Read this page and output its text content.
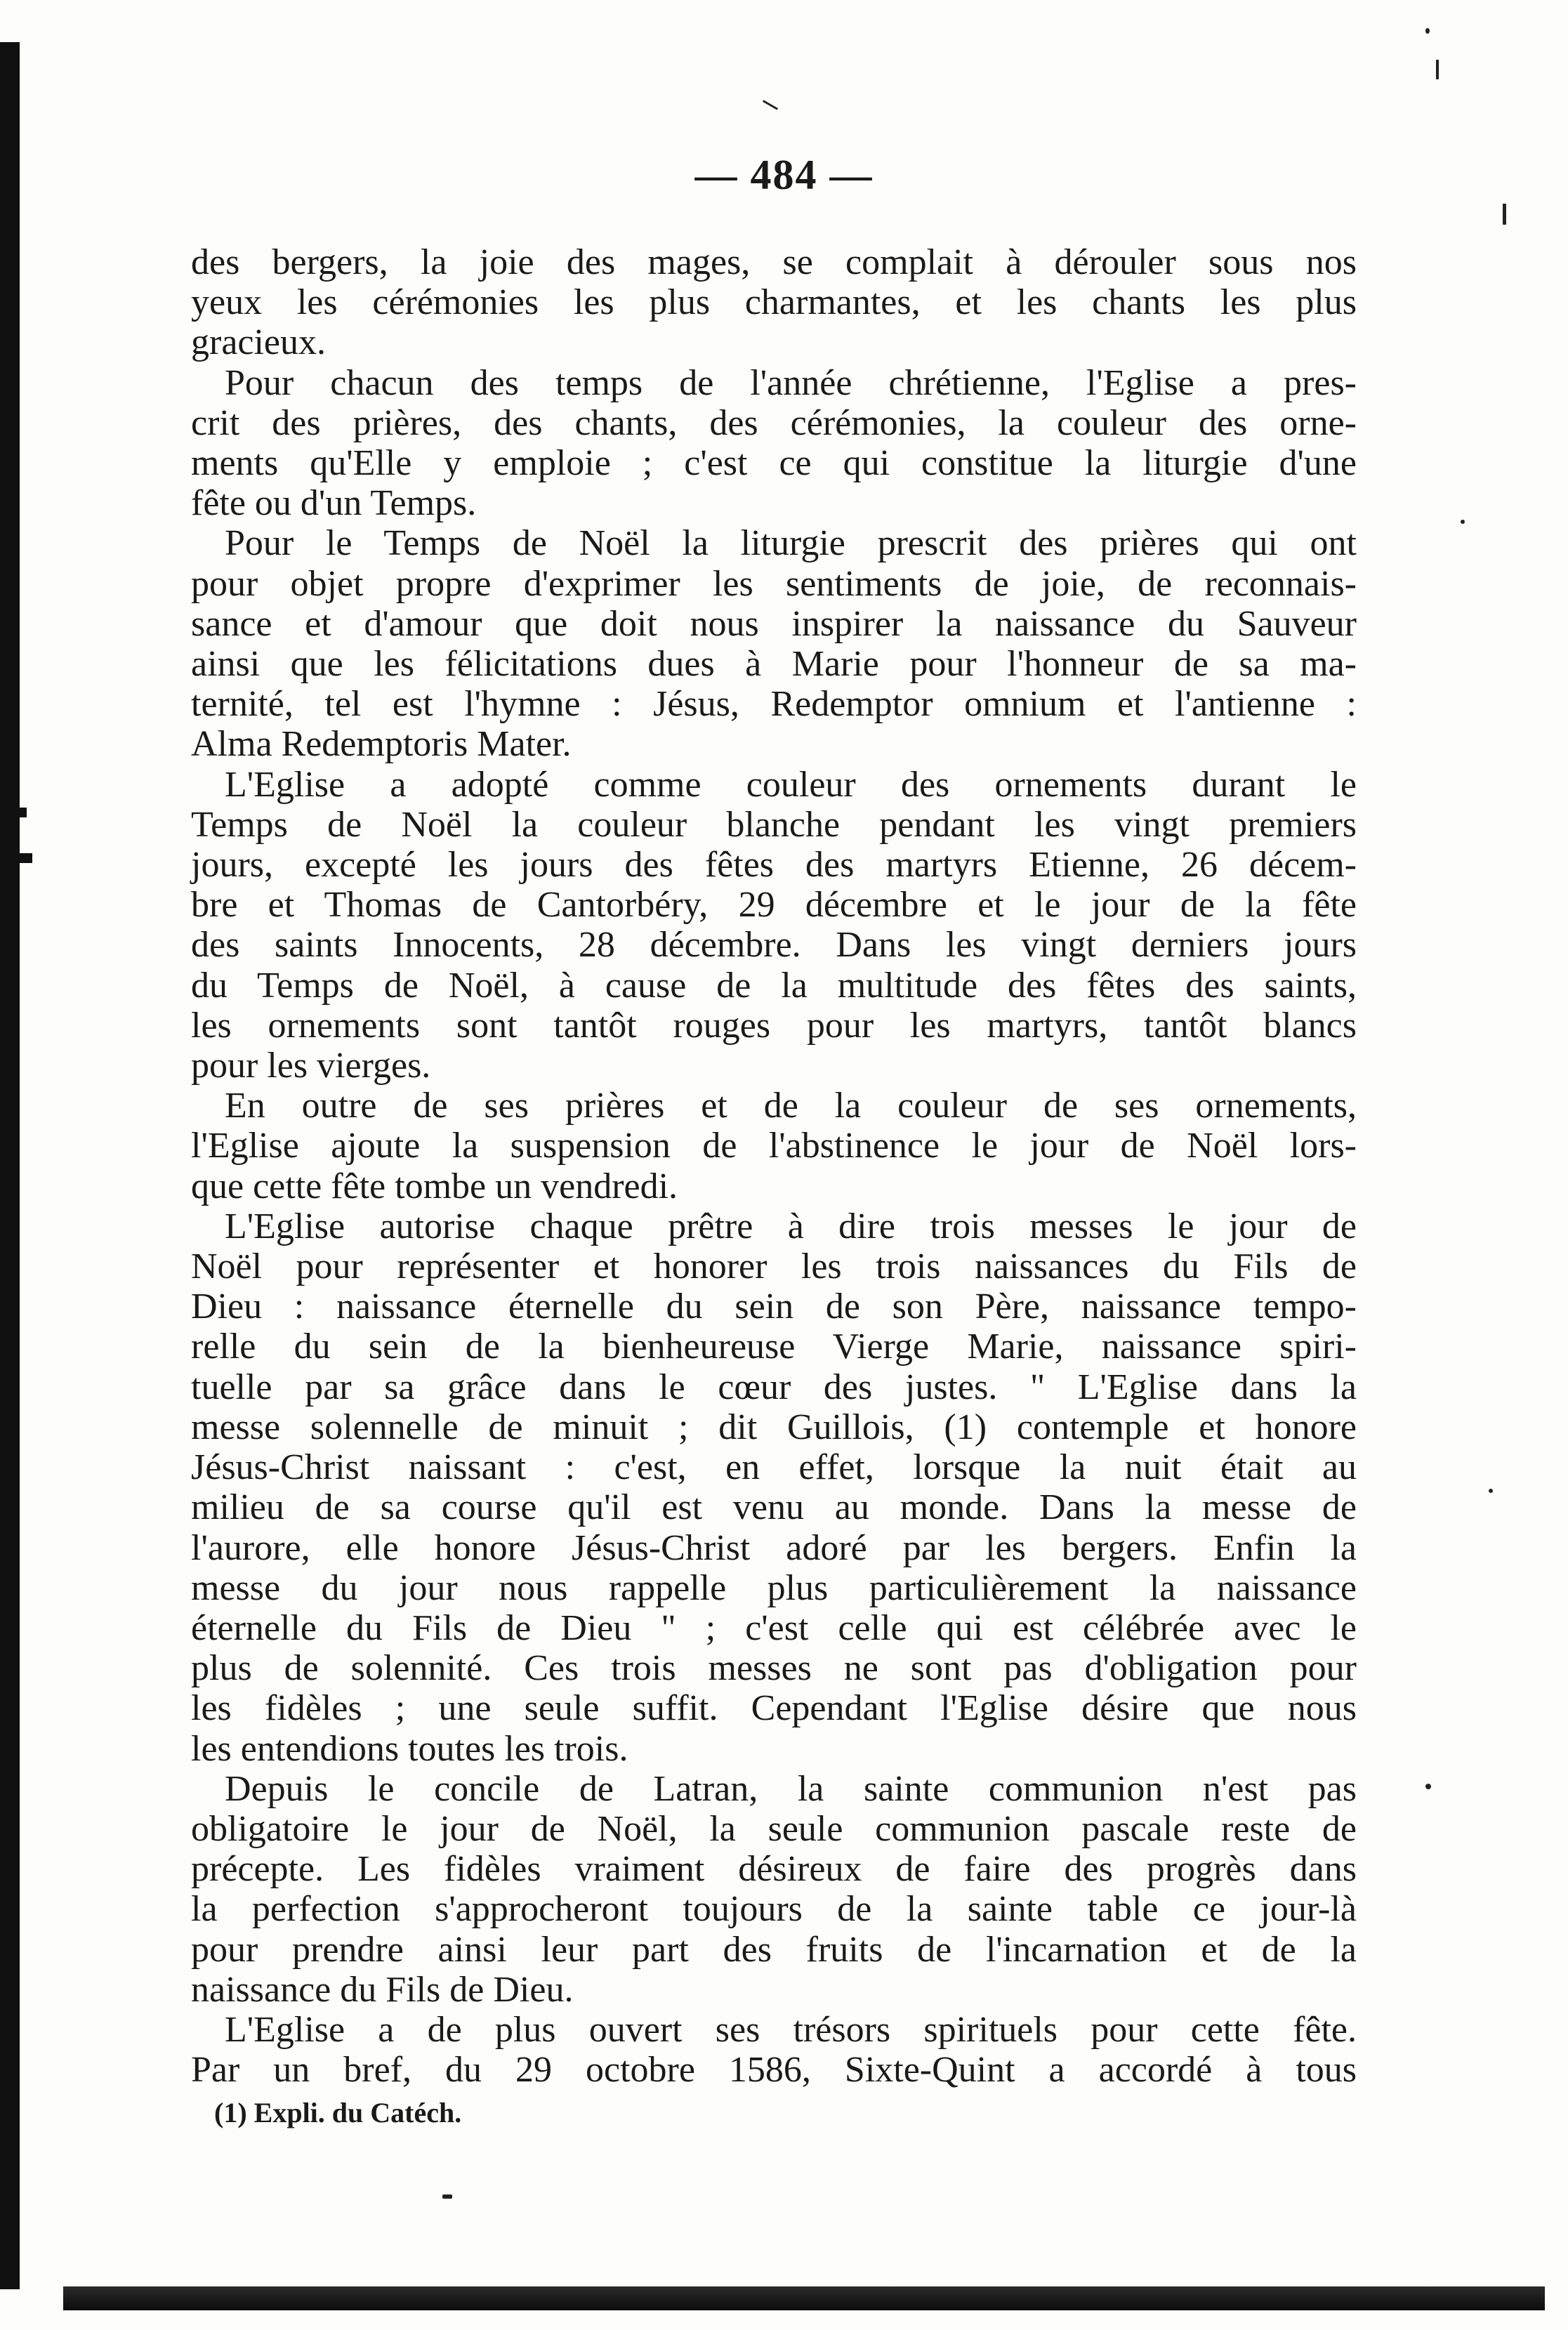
— 484 —
des bergers, la joie des mages, se complait à dérouler sous nos
yeux les cérémonies les plus charmantes, et les chants les plus
gracieux.
Pour chacun des temps de l'année chrétienne, l'Eglise a pres-
crit des prières, des chants, des cérémonies, la couleur des orne-
ments qu'Elle y emploie ; c'est ce qui constitue la liturgie d'une
fête ou d'un Temps.
Pour le Temps de Noël la liturgie prescrit des prières qui ont
pour objet propre d'exprimer les sentiments de joie, de reconnais-
sance et d'amour que doit nous inspirer la naissance du Sauveur
ainsi que les félicitations dues à Marie pour l'honneur de sa ma-
ternité, tel est l'hymne : Jésus, Redemptor omnium et l'antienne :
Alma Redemptoris Mater.
L'Eglise a adopté comme couleur des ornements durant le
Temps de Noël la couleur blanche pendant les vingt premiers
jours, excepté les jours des fêtes des martyrs Etienne, 26 décem-
bre et Thomas de Cantorbéry, 29 décembre et le jour de la fête
des saints Innocents, 28 décembre. Dans les vingt derniers jours
du Temps de Noël, à cause de la multitude des fêtes des saints,
les ornements sont tantôt rouges pour les martyrs, tantôt blancs
pour les vierges.
En outre de ses prières et de la couleur de ses ornements,
l'Eglise ajoute la suspension de l'abstinence le jour de Noël lors-
que cette fête tombe un vendredi.
L'Eglise autorise chaque prêtre à dire trois messes le jour de
Noël pour représenter et honorer les trois naissances du Fils de
Dieu : naissance éternelle du sein de son Père, naissance tempo-
relle du sein de la bienheureuse Vierge Marie, naissance spiri-
tuelle par sa grâce dans le cœur des justes. " L'Eglise dans la
messe solennelle de minuit ; dit Guillois, (1) contemple et honore
Jésus-Christ naissant : c'est, en effet, lorsque la nuit était au
milieu de sa course qu'il est venu au monde. Dans la messe de
l'aurore, elle honore Jésus-Christ adoré par les bergers. Enfin la
messe du jour nous rappelle plus particulièrement la naissance
éternelle du Fils de Dieu " ; c'est celle qui est célébrée avec le
plus de solennité. Ces trois messes ne sont pas d'obligation pour
les fidèles ; une seule suffit. Cependant l'Eglise désire que nous
les entendions toutes les trois.
Depuis le concile de Latran, la sainte communion n'est pas
obligatoire le jour de Noël, la seule communion pascale reste de
précepte. Les fidèles vraiment désireux de faire des progrès dans
la perfection s'approcheront toujours de la sainte table ce jour-là
pour prendre ainsi leur part des fruits de l'incarnation et de la
naissance du Fils de Dieu.
L'Eglise a de plus ouvert ses trésors spirituels pour cette fête.
Par un bref, du 29 octobre 1586, Sixte-Quint a accordé à tous
(1) Expli. du Catéch.
